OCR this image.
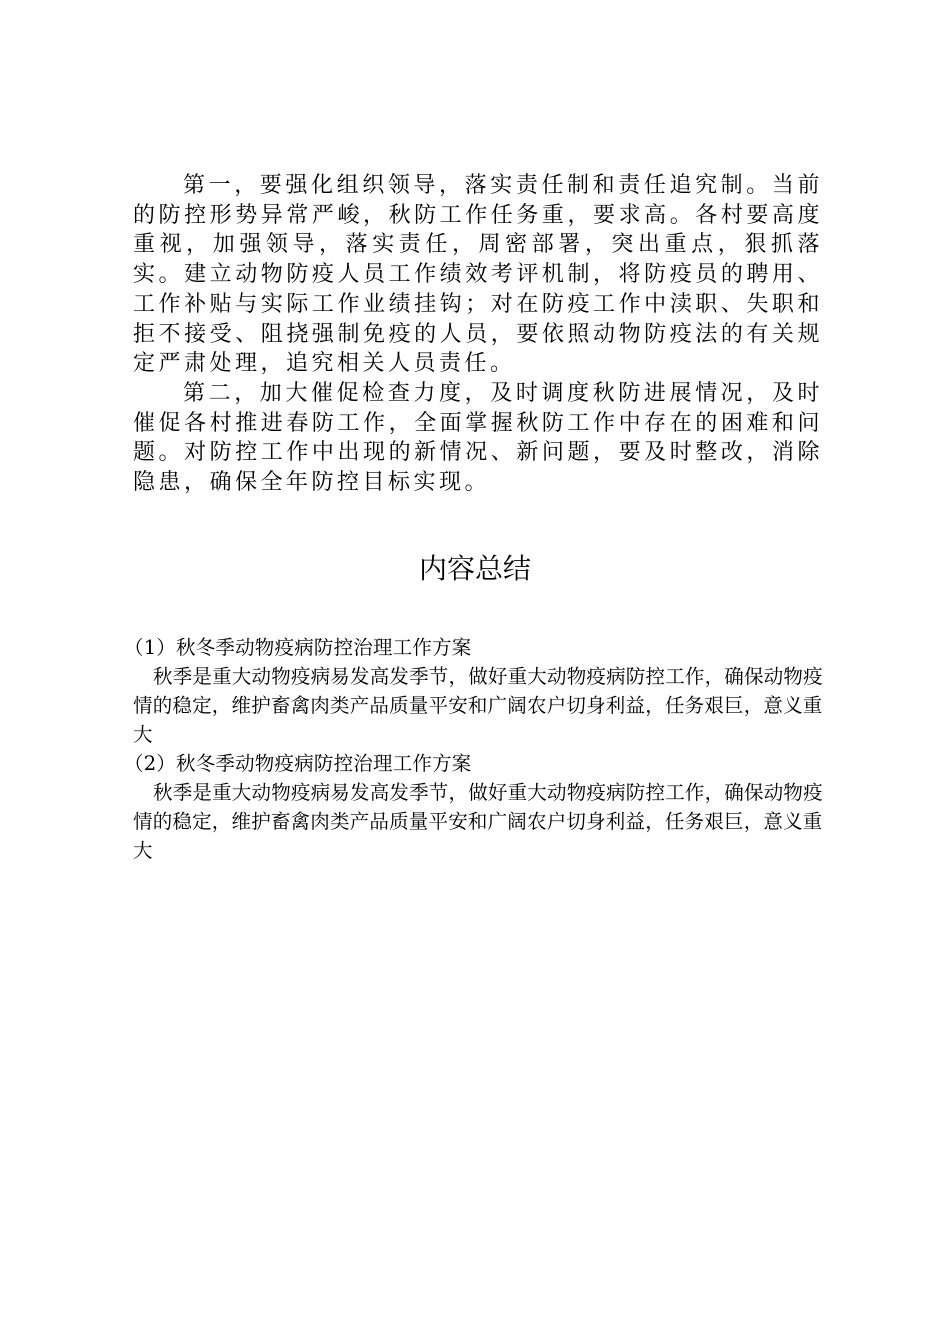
第一，要强化组织领导，落实责任制和责任追究制。当前的防控形势异常严峻，秋防工作任务重，要求高。各村要高度重视，加强领导，落实责任，周密部署，突出重点，狠抓落实。建立动物防疫人员工作绩效考评机制，将防疫员的聘用、工作补贴与实际工作业绩挂钩；对在防疫工作中渎职、失职和拒不接受、阻挠强制免疫的人员，要依照动物防疫法的有关规定严肃处理，追究相关人员责任。

第二，加大催促检查力度，及时调度秋防进展情况，及时催促各村推进春防工作，全面掌握秋防工作中存在的困难和问题。对防控工作中出现的新情况、新问题，要及时整改，消除隐患，确保全年防控目标实现。

内容总结

（1）秋冬季动物疫病防控治理工作方案

秋季是重大动物疫病易发高发季节，做好重大动物疫病防控工作，确保动物疫情的稳定，维护畜禽肉类产品质量平安和广阔农户切身利益，任务艰巨，意义重大

（2）秋冬季动物疫病防控治理工作方案

秋季是重大动物疫病易发高发季节，做好重大动物疫病防控工作，确保动物疫情的稳定，维护畜禽肉类产品质量平安和广阔农户切身利益，任务艰巨，意义重大
